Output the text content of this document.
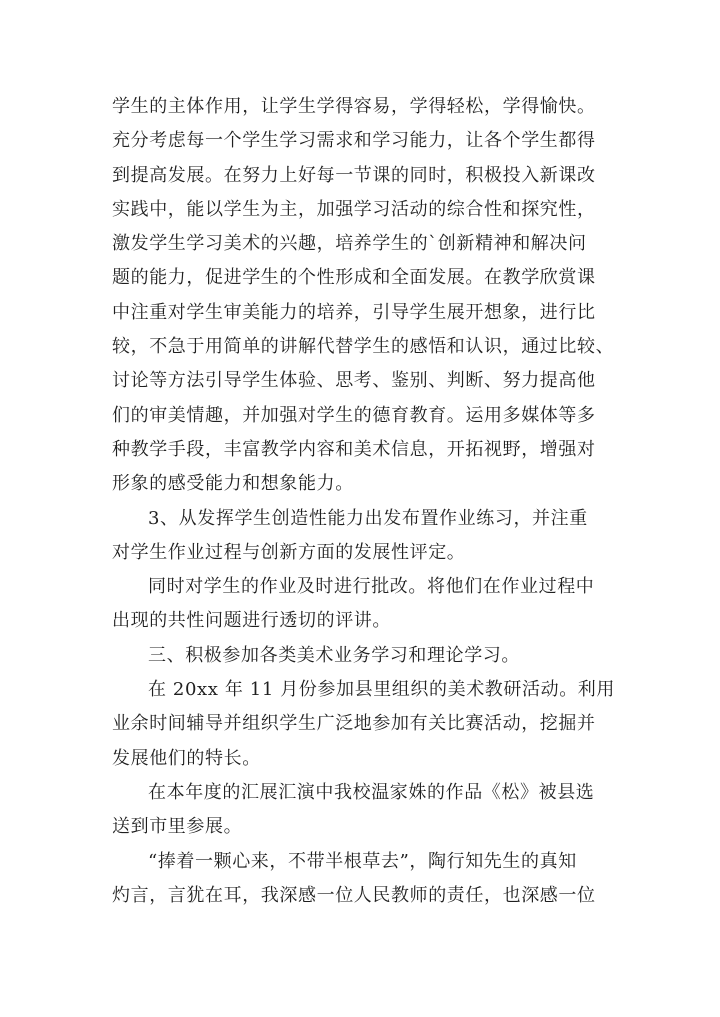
学生的主体作用，让学生学得容易，学得轻松，学得愉快。
充分考虑每一个学生学习需求和学习能力，让各个学生都得
到提高发展。在努力上好每一节课的同时，积极投入新课改
实践中，能以学生为主，加强学习活动的综合性和探究性，
激发学生学习美术的兴趣，培养学生的`创新精神和解决问
题的能力，促进学生的个性形成和全面发展。在教学欣赏课
中注重对学生审美能力的培养，引导学生展开想象，进行比
较，不急于用简单的讲解代替学生的感悟和认识，通过比较、
讨论等方法引导学生体验、思考、鉴别、判断、努力提高他
们的审美情趣，并加强对学生的德育教育。运用多媒体等多
种教学手段，丰富教学内容和美术信息，开拓视野，增强对
形象的感受能力和想象能力。
3、从发挥学生创造性能力出发布置作业练习，并注重
对学生作业过程与创新方面的发展性评定。
同时对学生的作业及时进行批改。将他们在作业过程中
出现的共性问题进行透切的评讲。
三、积极参加各类美术业务学习和理论学习。
在 20xx 年 11 月份参加县里组织的美术教研活动。利用
业余时间辅导并组织学生广泛地参加有关比赛活动，挖掘并
发展他们的特长。
在本年度的汇展汇演中我校温家姝的作品《松》被县选
送到市里参展。
“捧着一颗心来，不带半根草去”，陶行知先生的真知
灼言，言犹在耳，我深感一位人民教师的责任，也深感一位
